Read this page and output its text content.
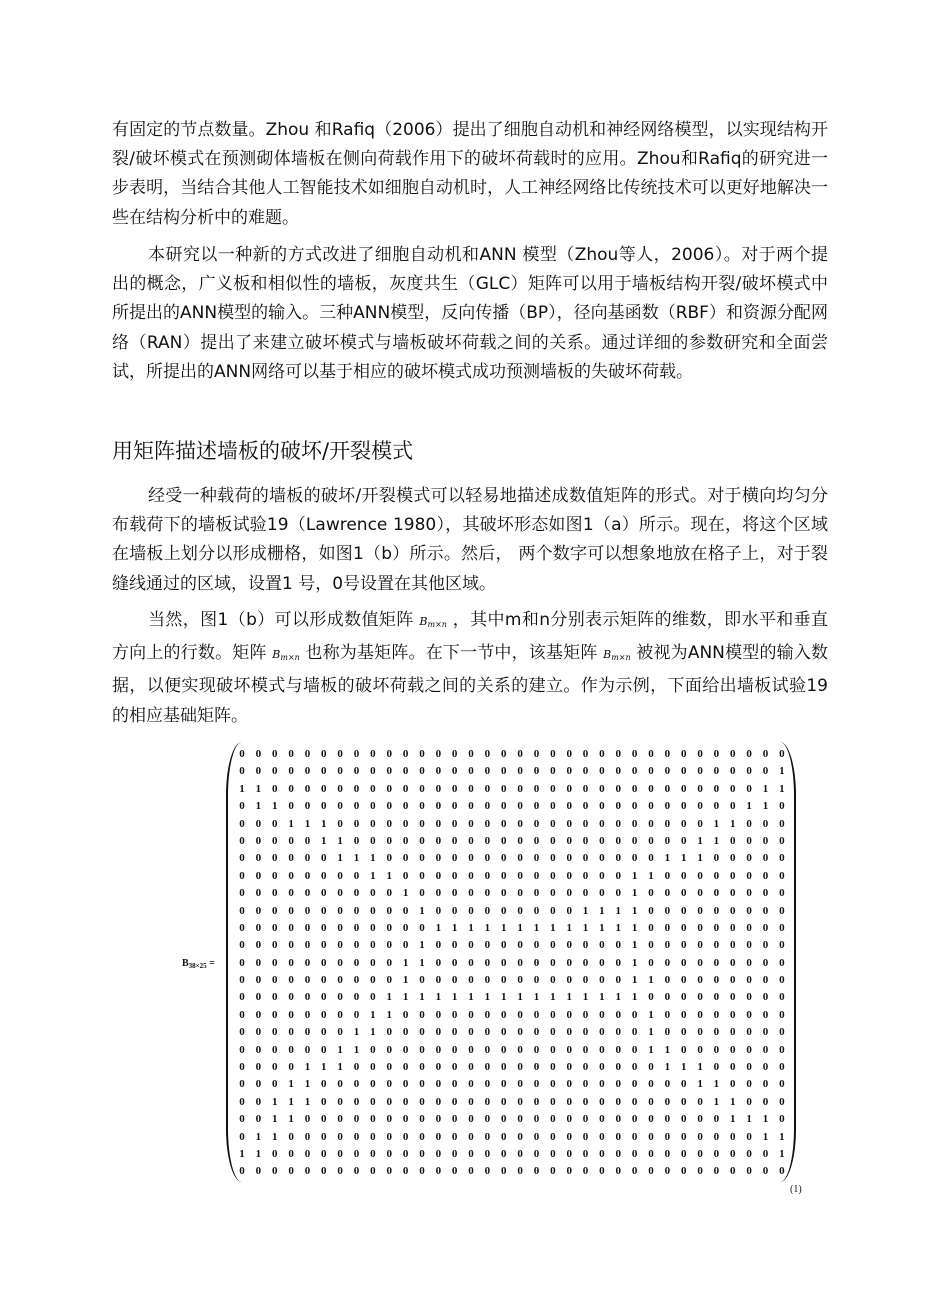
有固定的节点数量。Zhou 和Rafiq（2006）提出了细胞自动机和神经网络模型，以实现结构开裂/破坏模式在预测砌体墙板在侧向荷载作用下的破坏荷载时的应用。Zhou和Rafiq的研究进一步表明，当结合其他人工智能技术如细胞自动机时，人工神经网络比传统技术可以更好地解决一些在结构分析中的难题。
本研究以一种新的方式改进了细胞自动机和ANN 模型（Zhou等人，2006）。对于两个提出的概念，广义板和相似性的墙板，灰度共生（GLC）矩阵可以用于墙板结构开裂/破坏模式中所提出的ANN模型的输入。三种ANN模型，反向传播（BP），径向基函数（RBF）和资源分配网络（RAN）提出了来建立破坏模式与墙板破坏荷载之间的关系。通过详细的参数研究和全面尝试，所提出的ANN网络可以基于相应的破坏模式成功预测墙板的失破坏荷载。
用矩阵描述墙板的破坏/开裂模式
经受一种载荷的墙板的破坏/开裂模式可以轻易地描述成数值矩阵的形式。对于横向均匀分布载荷下的墙板试验19（Lawrence 1980），其破坏形态如图1（a）所示。现在，将这个区域在墙板上划分以形成栅格，如图1（b）所示。然后， 两个数字可以想象地放在格子上，对于裂缝线通过的区域，设置1 号，0号设置在其他区域。
当然，图1（b）可以形成数值矩阵 Bm×n ，其中m和n分别表示矩阵的维数，即水平和垂直方向上的行数。矩阵 Bm×n 也称为基矩阵。在下一节中，该基矩阵 Bm×n 被视为ANN模型的输入数据，以便实现破坏模式与墙板的破坏荷载之间的关系的建立。作为示例，下面给出墙板试验19的相应基础矩阵。
$B_{38\times 25}$ =
0 0 0 0 0 0 0 0 0 0 0 0 0 0 0 0 0 0 0 0 0 0 0 0 0 0 0 0 0 0 0 0 0 0
0 0 0 0 0 0 0 0 0 0 0 0 0 0 0 0 0 0 0 0 0 0 0 0 0 0 0 0 0 0 0 0 0 1
1 1 0 0 0 0 0 0 0 0 0 0 0 0 0 0 0 0 0 0 0 0 0 0 0 0 0 0 0 0 0 0 1 1
0 1 1 0 0 0 0 0 0 0 0 0 0 0 0 0 0 0 0 0 0 0 0 0 0 0 0 0 0 0 0 1 1 0
0 0 0 1 1 1 0 0 0 0 0 0 0 0 0 0 0 0 0 0 0 0 0 0 0 0 0 0 0 1 1 0 0 0
0 0 0 0 0 1 1 0 0 0 0 0 0 0 0 0 0 0 0 0 0 0 0 0 0 0 0 0 1 1 0 0 0 0
0 0 0 0 0 0 1 1 1 0 0 0 0 0 0 0 0 0 0 0 0 0 0 0 0 0 1 1 1 0 0 0 0 0
0 0 0 0 0 0 0 0 1 1 0 0 0 0 0 0 0 0 0 0 0 0 0 0 1 1 0 0 0 0 0 0 0 0
0 0 0 0 0 0 0 0 0 0 1 0 0 0 0 0 0 0 0 0 0 0 0 0 1 0 0 0 0 0 0 0 0 0
0 0 0 0 0 0 0 0 0 0 0 1 0 0 0 0 0 0 0 0 0 1 1 1 1 0 0 0 0 0 0 0 0 0
0 0 0 0 0 0 0 0 0 0 0 0 1 1 1 1 1 1 1 1 1 1 1 1 1 0 0 0 0 0 0 0 0 0
0 0 0 0 0 0 0 0 0 0 0 1 0 0 0 0 0 0 0 0 0 0 0 0 1 0 0 0 0 0 0 0 0 0
0 0 0 0 0 0 0 0 0 0 1 1 0 0 0 0 0 0 0 0 0 0 0 0 1 0 0 0 0 0 0 0 0 0
0 0 0 0 0 0 0 0 0 0 1 0 0 0 0 0 0 0 0 0 0 0 0 0 1 1 0 0 0 0 0 0 0 0
0 0 0 0 0 0 0 0 0 1 1 1 1 1 1 1 1 1 1 1 1 1 1 1 1 0 0 0 0 0 0 0 0 0
0 0 0 0 0 0 0 0 1 1 0 0 0 0 0 0 0 0 0 0 0 0 0 0 0 1 0 0 0 0 0 0 0 0
0 0 0 0 0 0 0 1 1 0 0 0 0 0 0 0 0 0 0 0 0 0 0 0 0 1 0 0 0 0 0 0 0 0
0 0 0 0 0 0 1 1 0 0 0 0 0 0 0 0 0 0 0 0 0 0 0 0 0 1 1 0 0 0 0 0 0 0
0 0 0 0 1 1 1 0 0 0 0 0 0 0 0 0 0 0 0 0 0 0 0 0 0 0 1 1 1 0 0 0 0 0
0 0 0 1 1 0 0 0 0 0 0 0 0 0 0 0 0 0 0 0 0 0 0 0 0 0 0 0 1 1 0 0 0 0
0 0 1 1 1 0 0 0 0 0 0 0 0 0 0 0 0 0 0 0 0 0 0 0 0 0 0 0 0 1 1 0 0 0
0 0 1 1 0 0 0 0 0 0 0 0 0 0 0 0 0 0 0 0 0 0 0 0 0 0 0 0 0 0 1 1 1 0
0 1 1 0 0 0 0 0 0 0 0 0 0 0 0 0 0 0 0 0 0 0 0 0 0 0 0 0 0 0 0 0 1 1
1 1 0 0 0 0 0 0 0 0 0 0 0 0 0 0 0 0 0 0 0 0 0 0 0 0 0 0 0 0 0 0 0 1
0 0 0 0 0 0 0 0 0 0 0 0 0 0 0 0 0 0 0 0 0 0 0 0 0 0 0 0 0 0 0 0 0 0
(1)
